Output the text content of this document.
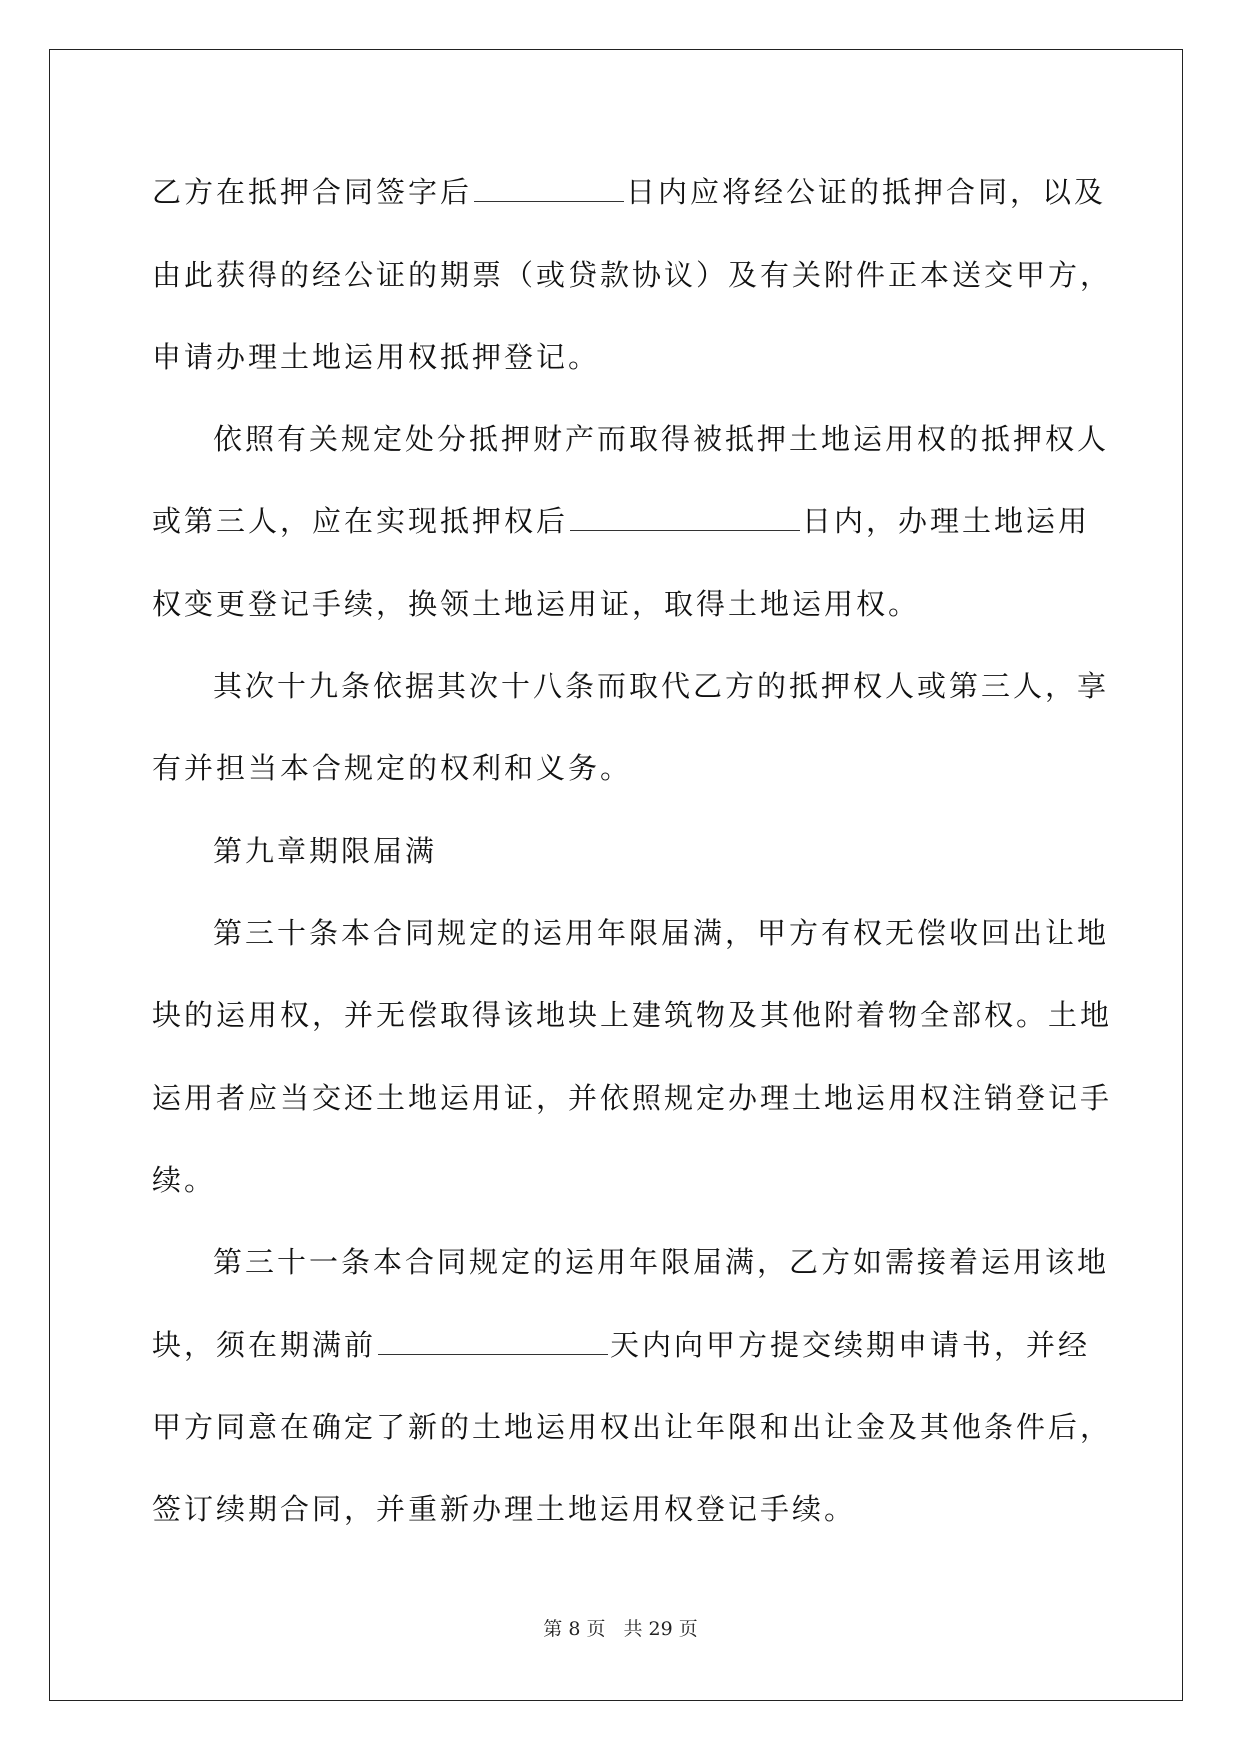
乙方在抵押合同签字后	日内应将经公证的抵押合同，以及
由此获得的经公证的期票（或贷款协议）及有关附件正本送交甲方，
申请办理土地运用权抵押登记。
依照有关规定处分抵押财产而取得被抵押土地运用权的抵押权人
或第三人，应在实现抵押权后	日内，办理土地运用
权变更登记手续，换领土地运用证，取得土地运用权。
其次十九条依据其次十八条而取代乙方的抵押权人或第三人，享
有并担当本合规定的权利和义务。
第九章期限届满
第三十条本合同规定的运用年限届满，甲方有权无偿收回出让地
块的运用权，并无偿取得该地块上建筑物及其他附着物全部权。土地
运用者应当交还土地运用证，并依照规定办理土地运用权注销登记手
续。
第三十一条本合同规定的运用年限届满，乙方如需接着运用该地
块，须在期满前	天内向甲方提交续期申请书，并经
甲方同意在确定了新的土地运用权出让年限和出让金及其他条件后，
签订续期合同，并重新办理土地运用权登记手续。
第 8 页 共 29 页
